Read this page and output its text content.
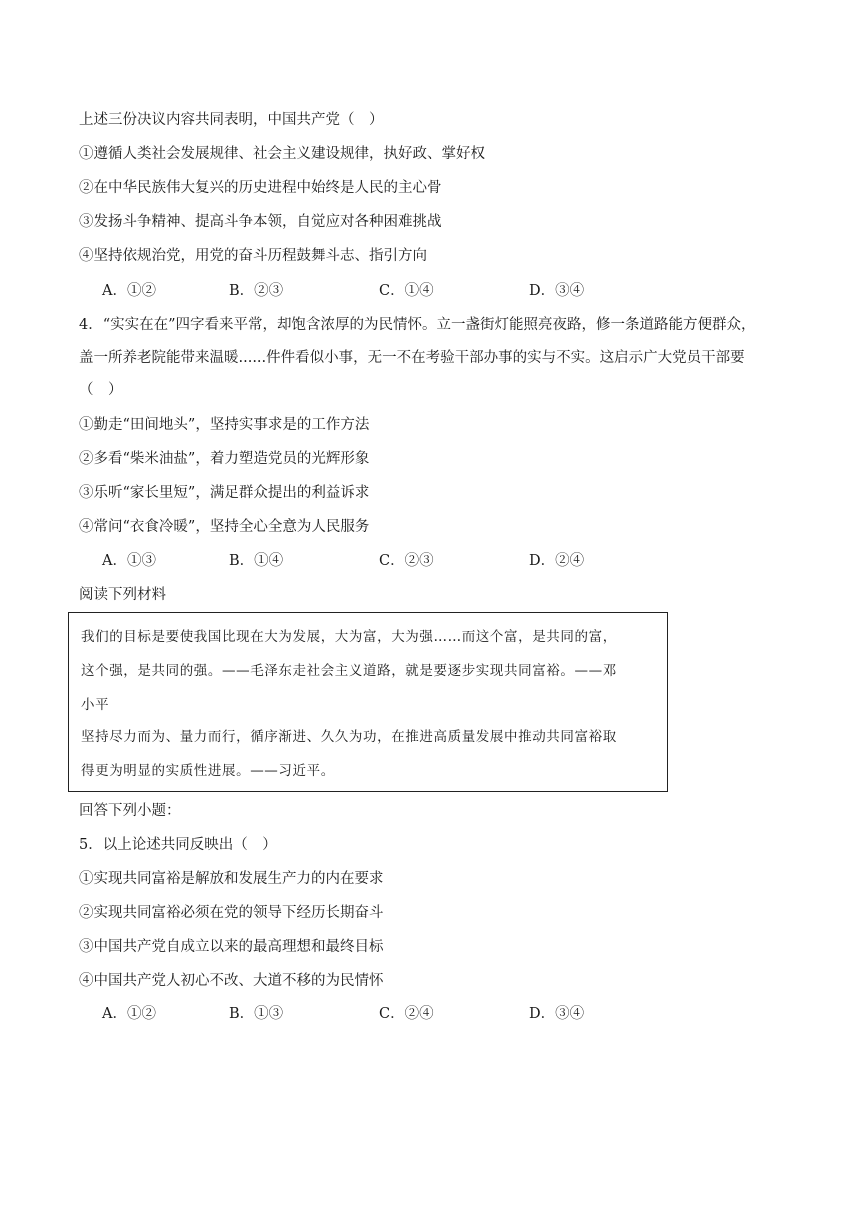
上述三份决议内容共同表明，中国共产党（　）
①遵循人类社会发展规律、社会主义建设规律，执好政、掌好权
②在中华民族伟大复兴的历史进程中始终是人民的主心骨
③发扬斗争精神、提高斗争本领，自觉应对各种困难挑战
④坚持依规治党，用党的奋斗历程鼓舞斗志、指引方向
A．①②	B．②③	C．①④	D．③④
4．“实实在在”四字看来平常，却饱含浓厚的为民情怀。立一盏街灯能照亮夜路，修一条道路能方便群众，
盖一所养老院能带来温暖......件件看似小事，无一不在考验干部办事的实与不实。这启示广大党员干部要
（　）
①勤走“田间地头”，坚持实事求是的工作方法
②多看“柴米油盐”，着力塑造党员的光辉形象
③乐听“家长里短”，满足群众提出的利益诉求
④常问“衣食冷暖”，坚持全心全意为人民服务
A．①③	B．①④	C．②③	D．②④
阅读下列材料
我们的目标是要使我国比现在大为发展，大为富，大为强……而这个富，是共同的富，
这个强，是共同的强。——毛泽东走社会主义道路，就是要逐步实现共同富裕。——邓
小平
坚持尽力而为、量力而行，循序渐进、久久为功，在推进高质量发展中推动共同富裕取
得更为明显的实质性进展。——习近平。
回答下列小题：
5．以上论述共同反映出（　）
①实现共同富裕是解放和发展生产力的内在要求
②实现共同富裕必须在党的领导下经历长期奋斗
③中国共产党自成立以来的最高理想和最终目标
④中国共产党人初心不改、大道不移的为民情怀
A．①②	B．①③	C．②④	D．③④
